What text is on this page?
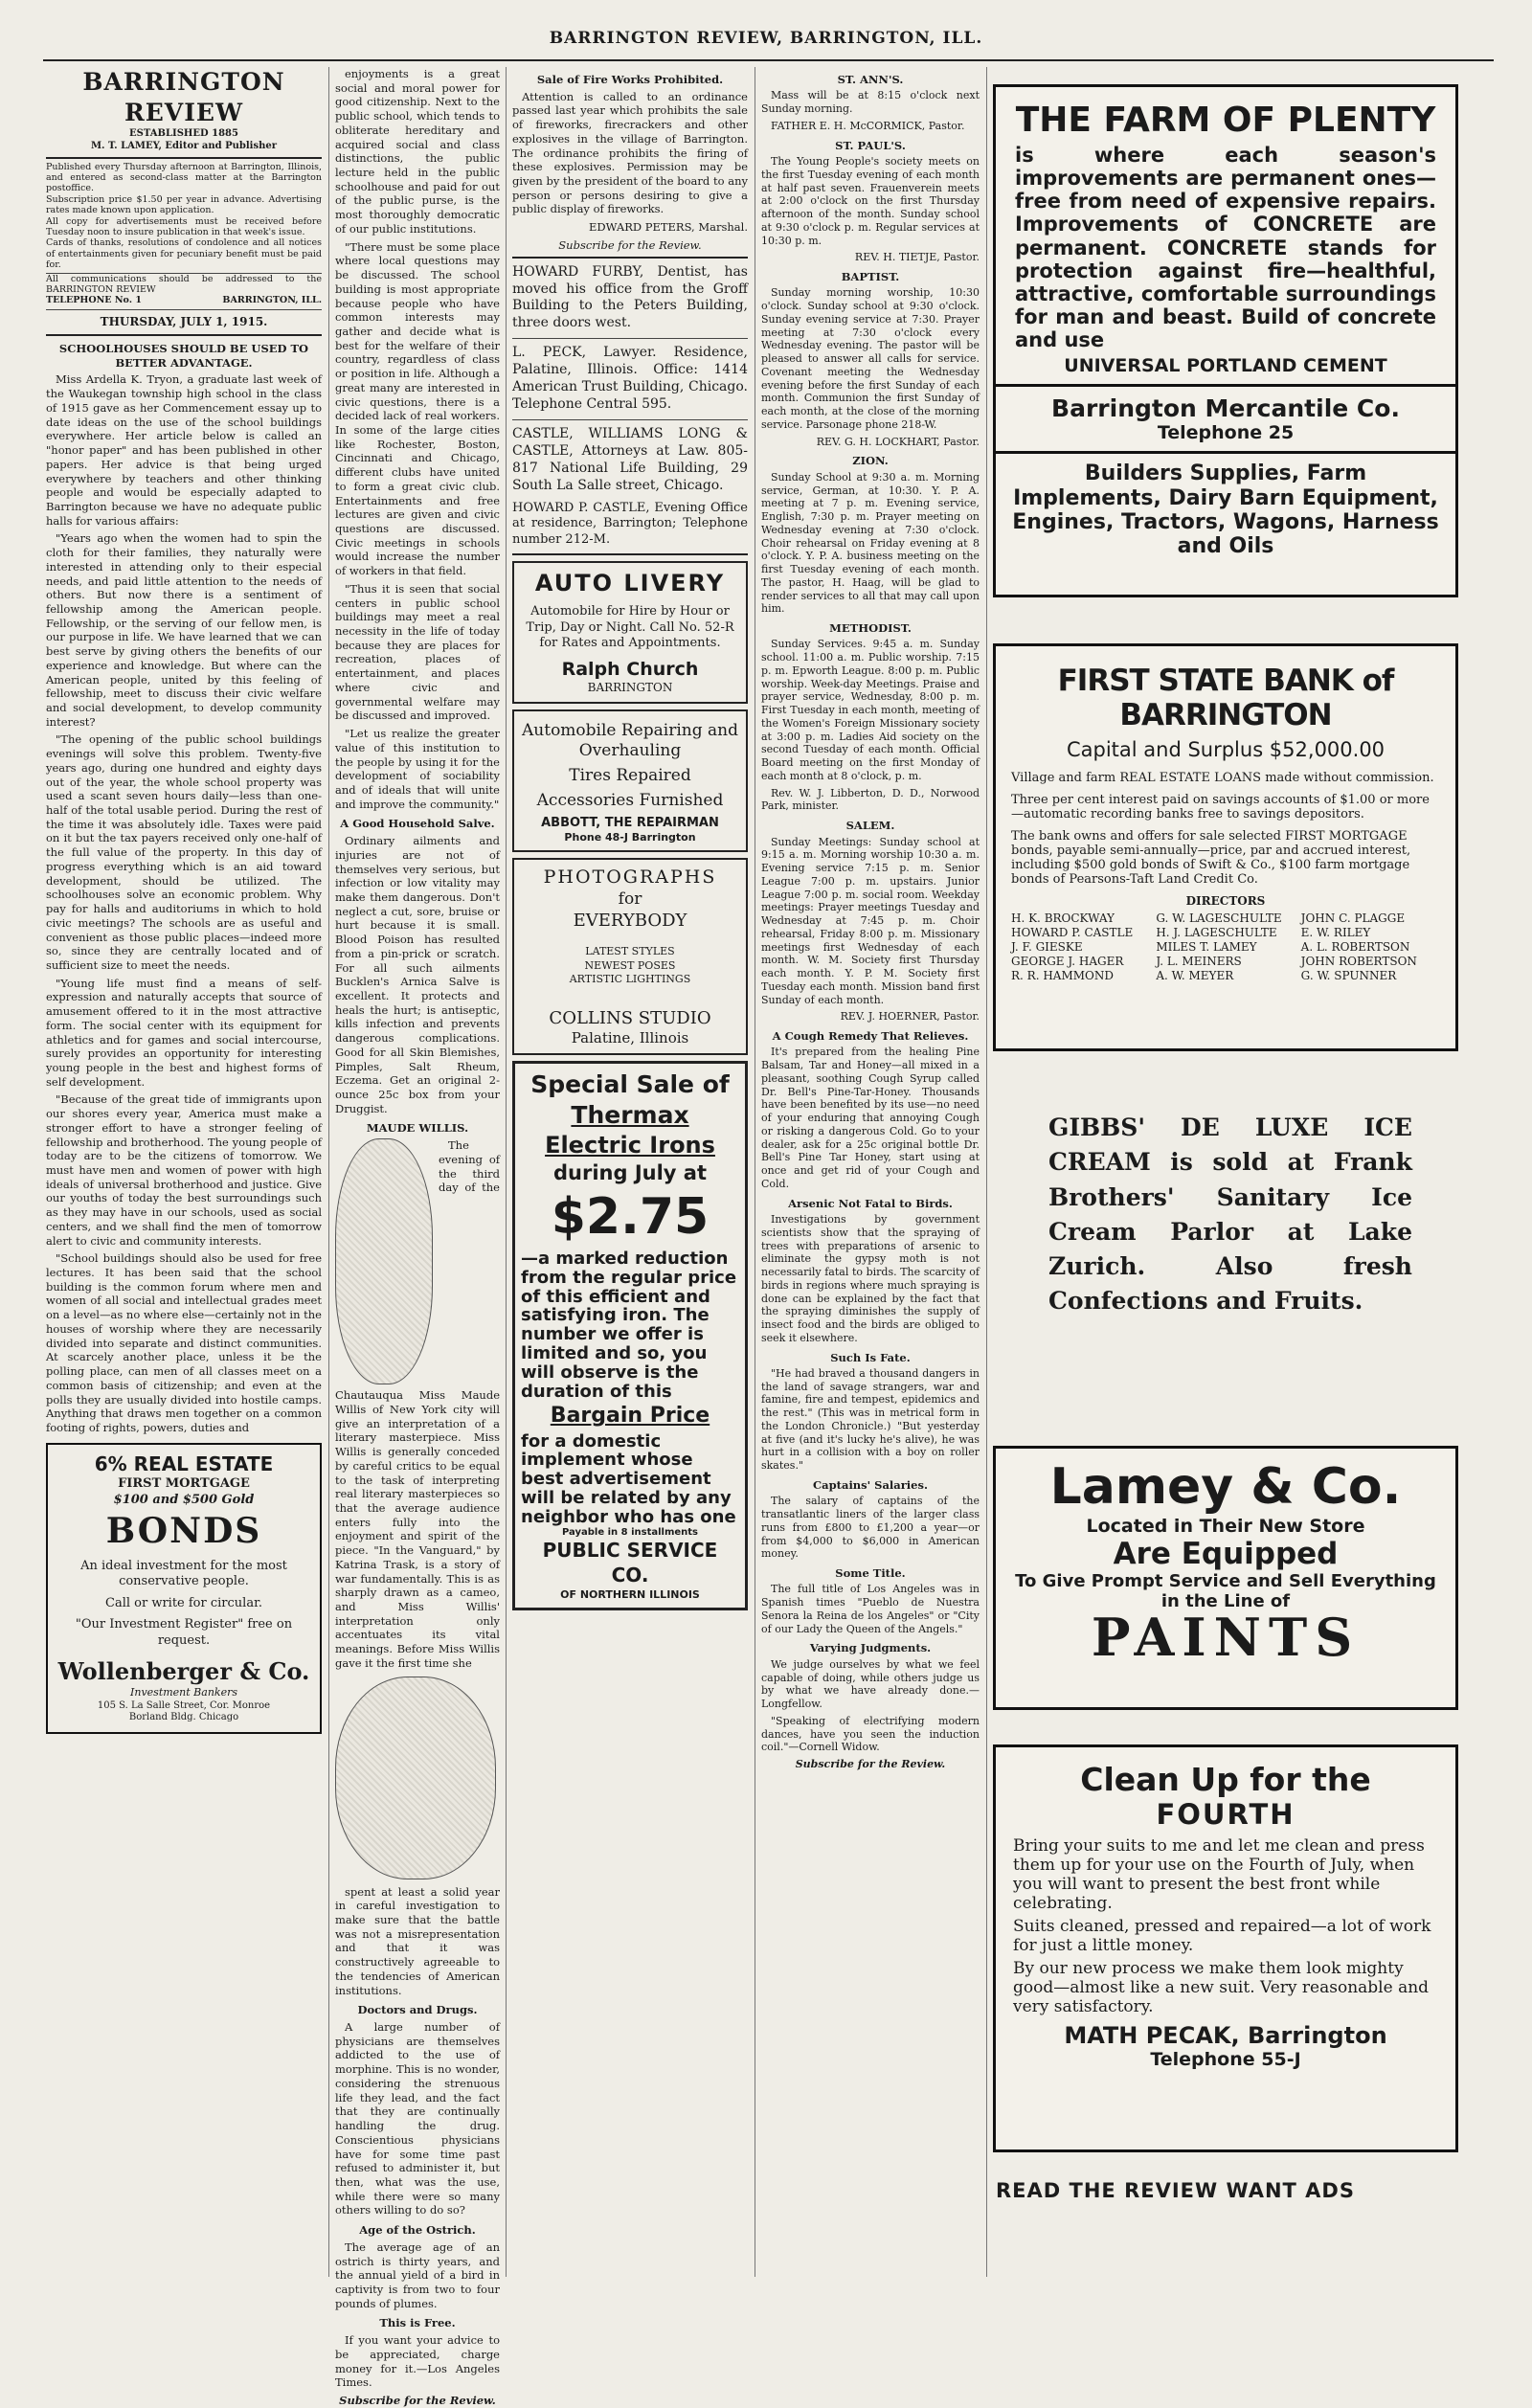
BARRINGTON REVIEW, BARRINGTON, ILL.
BARRINGTON REVIEW
ESTABLISHED 1885
M. T. LAMEY, Editor and Publisher
Published every Thursday afternoon at Barrington, Illinois, and entered as second-class matter at the Barrington postoffice.
Subscription price $1.50 per year in advance. Advertising rates made known upon application.
All copy for advertisements must be received before Tuesday noon to insure publication in that week's issue.
Cards of thanks, resolutions of condolence and all notices of entertainments given for pecuniary benefit must be paid for.
All communications should be addressed to the BARRINGTON REVIEW
TELEPHONE No. 1	BARRINGTON, ILL.
THURSDAY, JULY 1, 1915.
SCHOOLHOUSES SHOULD BE USED TO BETTER ADVANTAGE.

Miss Ardella K. Tryon, a graduate last week of the Waukegan township high school in the class of 1915 gave as her Commencement essay up to date ideas on the use of the school buildings everywhere. Her article below is called an "honor paper" and has been published in other papers. Her advice is that being urged everywhere by teachers and other thinking people and would be especially adapted to Barrington because we have no adequate public halls for various affairs:

"Years ago when the women had to spin the cloth for their families, they naturally were interested in attending only to their especial needs, and paid little attention to the needs of others. But now there is a sentiment of fellowship among the American people. Fellowship, or the serving of our fellow men, is our purpose in life. We have learned that we can best serve by giving others the benefits of our experience and knowledge. But where can the American people, united by this feeling of fellowship, meet to discuss their civic welfare and social development, to develop community interest?

"The opening of the public school buildings evenings will solve this problem. Twenty-five years ago, during one hundred and eighty days out of the year, the whole school property was used a scant seven hours daily—less than one-half of the total usable period. During the rest of the time it was absolutely idle. Taxes were paid on it but the tax payers received only one-half of the full value of the property. In this day of progress everything which is an aid toward development, should be utilized. The schoolhouses solve an economic problem. Why pay for halls and auditoriums in which to hold civic meetings? The schools are as useful and convenient as those public places—indeed more so, since they are centrally located and of sufficient size to meet the needs.

"Young life must find a means of self-expression and naturally accepts that source of amusement offered to it in the most attractive form. The social center with its equipment for athletics and for games and social intercourse, surely provides an opportunity for interesting young people in the best and highest forms of self development.

"Because of the great tide of immigrants upon our shores every year, America must make a stronger effort to have a stronger feeling of fellowship and brotherhood. The young people of today are to be the citizens of tomorrow. We must have men and women of power with high ideals of universal brotherhood and justice. Give our youths of today the best surroundings such as they may have in our schools, used as social centers, and we shall find the men of tomorrow alert to civic and community interests.

"School buildings should also be used for free lectures. It has been said that the school building is the common forum where men and women of all social and intellectual grades meet on a level—as no where else—certainly not in the houses of worship where they are necessarily divided into separate and distinct communities. At scarcely another place, unless it be the polling place, can men of all classes meet on a common basis of citizenship; and even at the polls they are usually divided into hostile camps. Anything that draws men together on a common footing of rights, powers, duties and

6% REAL ESTATE
FIRST MORTGAGE
$100 and $500 Gold
BONDS
An ideal investment for the most conservative people.
Call or write for circular.
"Our Investment Register" free on request.
Wollenberger & Co.
Investment Bankers
105 S. La Salle Street, Cor. Monroe
Borland Bldg. Chicago

enjoyments is a great social and moral power for good citizenship. Next to the public school, which tends to obliterate hereditary and acquired social and class distinctions, the public lecture held in the public schoolhouse and paid for out of the public purse, is the most thoroughly democratic of our public institutions.

"There must be some place where local questions may be discussed. The school building is most appropriate because people who have common interests may gather and decide what is best for the welfare of their country, regardless of class or position in life. Although a great many are interested in civic questions, there is a decided lack of real workers. In some of the large cities like Rochester, Boston, Cincinnati and Chicago, different clubs have united to form a great civic club. Entertainments and free lectures are given and civic questions are discussed. Civic meetings in schools would increase the number of workers in that field.

"Thus it is seen that social centers in public school buildings may meet a real necessity in the life of today because they are places for recreation, places of entertainment, and places where civic and governmental welfare may be discussed and improved.

"Let us realize the greater value of this institution to the people by using it for the development of sociability and of ideals that will unite and improve the community."

A Good Household Salve.

Ordinary ailments and injuries are not of themselves very serious, but infection or low vitality may make them dangerous. Don't neglect a cut, sore, bruise or hurt because it is small. Blood Poison has resulted from a pin-prick or scratch. For all such ailments Bucklen's Arnica Salve is excellent. It protects and heals the hurt; is antiseptic, kills infection and prevents dangerous complications. Good for all Skin Blemishes, Pimples, Salt Rheum, Eczema. Get an original 2-ounce 25c box from your Druggist.

MAUDE WILLIS.

The evening of the third day of the Chautauqua Miss Maude Willis of New York city will give an interpretation of a literary masterpiece. Miss Willis is generally conceded by careful critics to be equal to the task of interpreting real literary masterpieces so that the average audience enters fully into the enjoyment and spirit of the piece. "In the Vanguard," by Katrina Trask, is a story of war fundamentally. This is as sharply drawn as a cameo, and Miss Willis' interpretation only accentuates its vital meanings. Before Miss Willis gave it the first time she

spent at least a solid year in careful investigation to make sure that the battle was not a misrepresentation and that it was constructively agreeable to the tendencies of American institutions.

Doctors and Drugs.

A large number of physicians are themselves addicted to the use of morphine. This is no wonder, considering the strenuous life they lead, and the fact that they are continually handling the drug. Conscientious physicians have for some time past refused to administer it, but then, what was the use, while there were so many others willing to do so?

Age of the Ostrich.

The average age of an ostrich is thirty years, and the annual yield of a bird in captivity is from two to four pounds of plumes.

This is Free.

If you want your advice to be appreciated, charge money for it.—Los Angeles Times.

Subscribe for the Review.
Sale of Fire Works Prohibited.

Attention is called to an ordinance passed last year which prohibits the sale of fireworks, firecrackers and other explosives in the village of Barrington. The ordinance prohibits the firing of these explosives. Permission may be given by the president of the board to any person or persons desiring to give a public display of fireworks.

EDWARD PETERS, Marshal.
Subscribe for the Review.
HOWARD FURBY, Dentist, has moved his office from the Groff Building to the Peters Building, three doors west.
L. PECK, Lawyer. Residence, Palatine, Illinois. Office: 1414 American Trust Building, Chicago. Telephone Central 595.
CASTLE, WILLIAMS LONG & CASTLE, Attorneys at Law. 805-817 National Life Building, 29 South La Salle street, Chicago.
HOWARD P. CASTLE, Evening Office at residence, Barrington; Telephone number 212-M.
AUTO LIVERY
Automobile for Hire by Hour or Trip, Day or Night. Call No. 52-R for Rates and Appointments.
Ralph Church
BARRINGTON
Automobile Repairing and Overhauling
Tires Repaired
Accessories Furnished
ABBOTT, THE REPAIRMAN
Phone 48-J Barrington
PHOTOGRAPHS
for
EVERYBODY
LATEST STYLES
NEWEST POSES
ARTISTIC LIGHTINGS
COLLINS STUDIO
Palatine, Illinois
Special Sale of
Thermax
Electric Irons
during July at
$2.75
—a marked reduction from the regular price of this efficient and satisfying iron. The number we offer is limited and so, you will observe is the duration of this
Bargain Price
for a domestic implement whose best advertisement will be related by any neighbor who has one
Payable in 8 installments
PUBLIC SERVICE CO.
OF NORTHERN ILLINOIS
ST. ANN'S.

Mass will be at 8:15 o'clock next Sunday morning.

FATHER E. H. McCORMICK, Pastor.

ST. PAUL'S.

The Young People's society meets on the first Tuesday evening of each month at half past seven. Frauenverein meets at 2:00 o'clock on the first Thursday afternoon of the month. Sunday school at 9:30 o'clock p. m. Regular services at 10:30 p. m.

REV. H. TIETJE, Pastor.
BAPTIST.

Sunday morning worship, 10:30 o'clock. Sunday school at 9:30 o'clock. Sunday evening service at 7:30. Prayer meeting at 7:30 o'clock every Wednesday evening. The pastor will be pleased to answer all calls for service. Covenant meeting the Wednesday evening before the first Sunday of each month. Communion the first Sunday of each month, at the close of the morning service. Parsonage phone 218-W.

REV. G. H. LOCKHART, Pastor.
ZION.

Sunday School at 9:30 a. m. Morning service, German, at 10:30. Y. P. A. meeting at 7 p. m. Evening service, English, 7:30 p. m. Prayer meeting on Wednesday evening at 7:30 o'clock. Choir rehearsal on Friday evening at 8 o'clock. Y. P. A. business meeting on the first Tuesday evening of each month. The pastor, H. Haag, will be glad to render services to all that may call upon him.

METHODIST.

Sunday Services. 9:45 a. m. Sunday school. 11:00 a. m. Public worship. 7:15 p. m. Epworth League. 8:00 p. m. Public worship. Week-day Meetings. Praise and prayer service, Wednesday, 8:00 p. m. First Tuesday in each month, meeting of the Women's Foreign Missionary society at 3:00 p. m. Ladies Aid society on the second Tuesday of each month. Official Board meeting on the first Monday of each month at 8 o'clock, p. m.

Rev. W. J. Libberton, D. D., Norwood Park, minister.

SALEM.

Sunday Meetings: Sunday school at 9:15 a. m. Morning worship 10:30 a. m. Evening service 7:15 p. m. Senior League 7:00 p. m. upstairs. Junior League 7:00 p. m. social room. Weekday meetings: Prayer meetings Tuesday and Wednesday at 7:45 p. m. Choir rehearsal, Friday 8:00 p. m. Missionary meetings first Wednesday of each month. W. M. Society first Thursday each month. Y. P. M. Society first Tuesday each month. Mission band first Sunday of each month.

REV. J. HOERNER, Pastor.
A Cough Remedy That Relieves.

It's prepared from the healing Pine Balsam, Tar and Honey—all mixed in a pleasant, soothing Cough Syrup called Dr. Bell's Pine-Tar-Honey. Thousands have been benefited by its use—no need of your enduring that annoying Cough or risking a dangerous Cold. Go to your dealer, ask for a 25c original bottle Dr. Bell's Pine Tar Honey, start using at once and get rid of your Cough and Cold.

Arsenic Not Fatal to Birds.

Investigations by government scientists show that the spraying of trees with preparations of arsenic to eliminate the gypsy moth is not necessarily fatal to birds. The scarcity of birds in regions where much spraying is done can be explained by the fact that the spraying diminishes the supply of insect food and the birds are obliged to seek it elsewhere.

Such Is Fate.

"He had braved a thousand dangers in the land of savage strangers, war and famine, fire and tempest, epidemics and the rest." (This was in metrical form in the London Chronicle.) "But yesterday at five (and it's lucky he's alive), he was hurt in a collision with a boy on roller skates."

Captains' Salaries.

The salary of captains of the transatlantic liners of the larger class runs from £800 to £1,200 a year—or from $4,000 to $6,000 in American money.

Some Title.

The full title of Los Angeles was in Spanish times "Pueblo de Nuestra Senora la Reina de los Angeles" or "City of our Lady the Queen of the Angels."

Varying Judgments.

We judge ourselves by what we feel capable of doing, while others judge us by what we have already done.—Longfellow.

"Speaking of electrifying modern dances, have you seen the induction coil."—Cornell Widow.

Subscribe for the Review.
THE FARM OF PLENTY
is where each season's improvements are permanent ones—free from need of expensive repairs. Improvements of CONCRETE are permanent. CONCRETE stands for protection against fire—healthful, attractive, comfortable surroundings for man and beast. Build of concrete and use
UNIVERSAL PORTLAND CEMENT
Barrington Mercantile Co.
Telephone 25
Builders Supplies, Farm Implements, Dairy Barn Equipment, Engines, Tractors, Wagons, Harness and Oils
FIRST STATE BANK of BARRINGTON
Capital and Surplus $52,000.00
Village and farm REAL ESTATE LOANS made without commission.
Three per cent interest paid on savings accounts of $1.00 or more—automatic recording banks free to savings depositors.
The bank owns and offers for sale selected FIRST MORTGAGE bonds, payable semi-annually—price, par and accrued interest, including $500 gold bonds of Swift & Co., $100 farm mortgage bonds of Pearsons-Taft Land Credit Co.
DIRECTORS
H. K. BROCKWAY	G. W. LAGESCHULTE	JOHN C. PLAGGE
HOWARD P. CASTLE	H. J. LAGESCHULTE	E. W. RILEY
J. F. GIESKE	MILES T. LAMEY	A. L. ROBERTSON
GEORGE J. HAGER	J. L. MEINERS	JOHN ROBERTSON
R. R. HAMMOND	A. W. MEYER	G. W. SPUNNER
GIBBS' DE LUXE ICE CREAM is sold at Frank Brothers' Sanitary Ice Cream Parlor at Lake Zurich. Also fresh Confections and Fruits.
Lamey & Co.
Located in Their New Store
Are Equipped
To Give Prompt Service and Sell Everything in the Line of
PAINTS
Clean Up for the
FOURTH
Bring your suits to me and let me clean and press them up for your use on the Fourth of July, when you will want to present the best front while celebrating.
Suits cleaned, pressed and repaired—a lot of work for just a little money.
By our new process we make them look mighty good—almost like a new suit. Very reasonable and very satisfactory.
MATH PECAK, Barrington
Telephone 55-J
READ THE REVIEW WANT ADS
